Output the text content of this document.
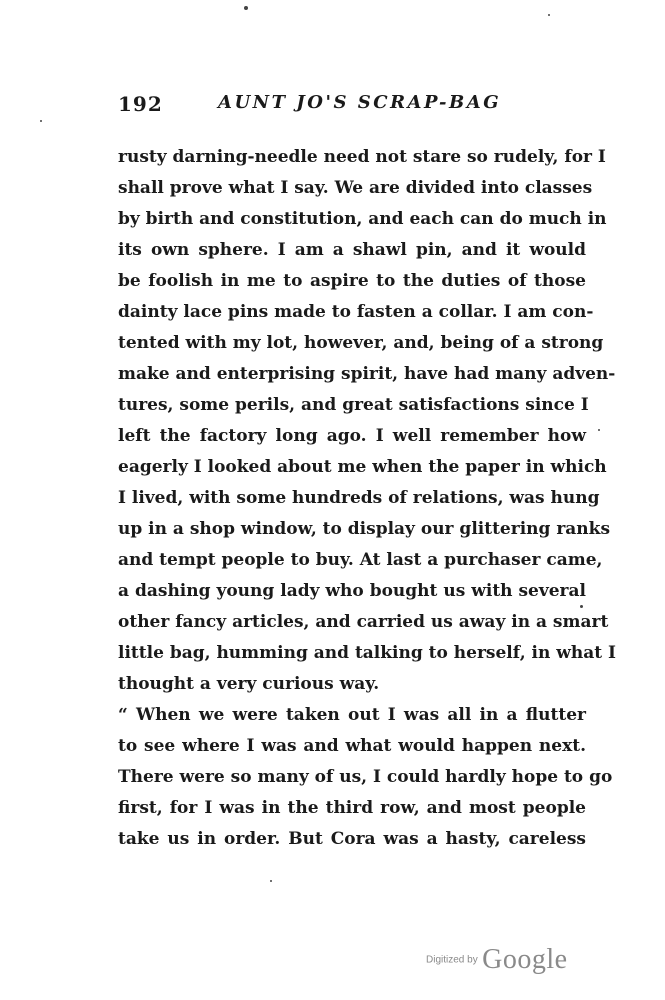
192	AUNT JO'S SCRAP-BAG
rusty darning-needle need not stare so rudely, for I
shall prove what I say. We are divided into classes
by birth and constitution, and each can do much in
its own sphere. I am a shawl pin, and it would
be foolish in me to aspire to the duties of those
dainty lace pins made to fasten a collar. I am con-
tented with my lot, however, and, being of a strong
make and enterprising spirit, have had many adven-
tures, some perils, and great satisfactions since I
left the factory long ago. I well remember how
eagerly I looked about me when the paper in which
I lived, with some hundreds of relations, was hung
up in a shop window, to display our glittering ranks
and tempt people to buy. At last a purchaser came,
a dashing young lady who bought us with several
other fancy articles, and carried us away in a smart
little bag, humming and talking to herself, in what I
thought a very curious way.
“ When we were taken out I was all in a flutter
to see where I was and what would happen next.
There were so many of us, I could hardly hope to go
first, for I was in the third row, and most people
take us in order. But Cora was a hasty, careless
Digitized by Google
